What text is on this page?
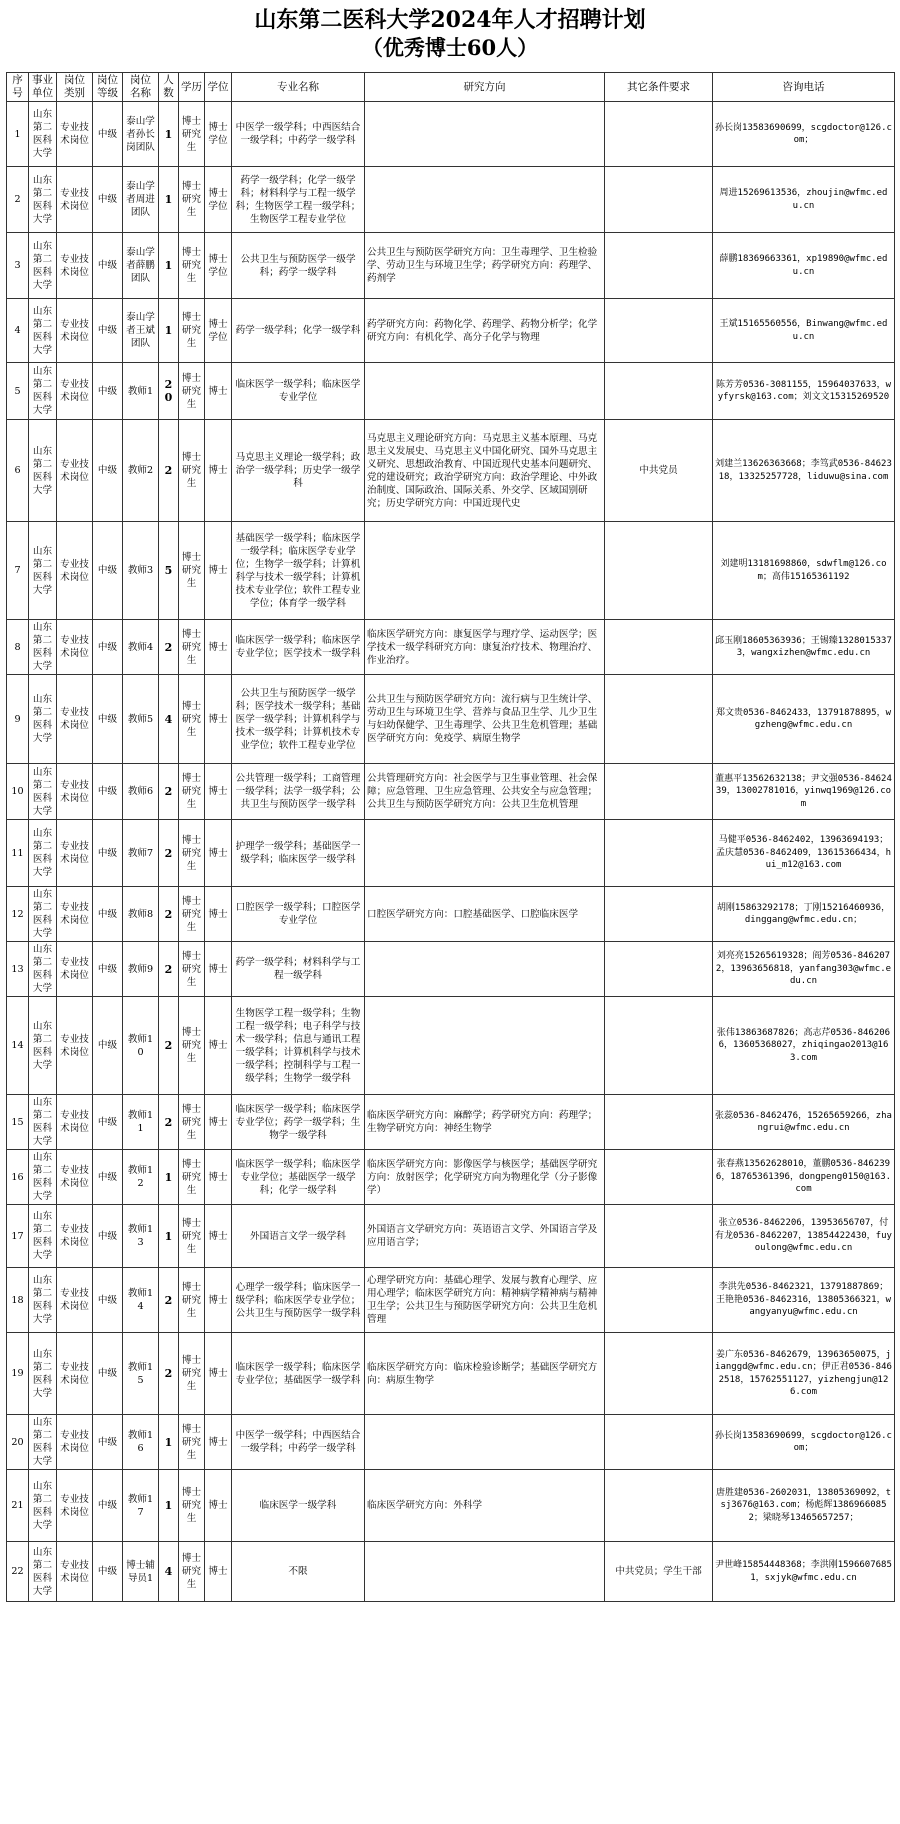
山东第二医科大学2024年人才招聘计划
（优秀博士60人）
序号	事业单位	岗位类别	岗位等级	岗位名称	人数	学历	学位	专业名称	研究方向	其它条件要求	咨询电话
1	山东第二医科大学	专业技术岗位	中级	泰山学者孙长岗团队	1	博士研究生	博士学位	中医学一级学科；中西医结合一级学科；中药学一级学科			孙长岗13583690699，scgdoctor@126.com；
2	山东第二医科大学	专业技术岗位	中级	泰山学者周进团队	1	博士研究生	博士学位	药学一级学科；化学一级学科；材料科学与工程一级学科；生物医学工程一级学科；生物医学工程专业学位			周进15269613536，zhoujin@wfmc.edu.cn
3	山东第二医科大学	专业技术岗位	中级	泰山学者薛鹏团队	1	博士研究生	博士学位	公共卫生与预防医学一级学科；药学一级学科	公共卫生与预防医学研究方向：卫生毒理学、卫生检验学、劳动卫生与环境卫生学；药学研究方向：药理学、药剂学		薛鹏18369663361，xp19890@wfmc.edu.cn
4	山东第二医科大学	专业技术岗位	中级	泰山学者王斌团队	1	博士研究生	博士学位	药学一级学科；化学一级学科	药学研究方向：药物化学、药理学、药物分析学；化学研究方向：有机化学、高分子化学与物理		王斌15165560556，Binwang@wfmc.edu.cn
5	山东第二医科大学	专业技术岗位	中级	教师1	20	博士研究生	博士	临床医学一级学科；临床医学专业学位			陈芳芳0536-3081155，15964037633，wyfyrsk@163.com；刘文文15315269520
6	山东第二医科大学	专业技术岗位	中级	教师2	2	博士研究生	博士	马克思主义理论一级学科；政治学一级学科；历史学一级学科	马克思主义理论研究方向：马克思主义基本原理、马克思主义发展史、马克思主义中国化研究、国外马克思主义研究、思想政治教育、中国近现代史基本问题研究、党的建设研究；政治学研究方向：政治学理论、中外政治制度、国际政治、国际关系、外交学、区域国别研究；历史学研究方向：中国近现代史	中共党员	刘建兰13626363668；李笃武0536-8462318，13325257728，liduwu@sina.com
7	山东第二医科大学	专业技术岗位	中级	教师3	5	博士研究生	博士	基础医学一级学科；临床医学一级学科；临床医学专业学位；生物学一级学科；计算机科学与技术一级学科；计算机技术专业学位；软件工程专业学位；体育学一级学科			刘建明13181698860，sdwflm@126.com；高伟15165361192
8	山东第二医科大学	专业技术岗位	中级	教师4	2	博士研究生	博士	临床医学一级学科；临床医学专业学位；医学技术一级学科	临床医学研究方向：康复医学与理疗学、运动医学；医学技术一级学科研究方向：康复治疗技术、物理治疗、作业治疗。		邱玉刚18605363936；王锡臻13280153373，wangxizhen@wfmc.edu.cn
9	山东第二医科大学	专业技术岗位	中级	教师5	4	博士研究生	博士	公共卫生与预防医学一级学科；医学技术一级学科；基础医学一级学科；计算机科学与技术一级学科；计算机技术专业学位；软件工程专业学位	公共卫生与预防医学研究方向：流行病与卫生统计学、劳动卫生与环境卫生学、营养与食品卫生学、儿少卫生与妇幼保健学、卫生毒理学、公共卫生危机管理；基础医学研究方向：免疫学、病原生物学		郑文贵0536-8462433，13791878895，wgzheng@wfmc.edu.cn
10	山东第二医科大学	专业技术岗位	中级	教师6	2	博士研究生	博士	公共管理一级学科；工商管理一级学科；法学一级学科；公共卫生与预防医学一级学科	公共管理研究方向：社会医学与卫生事业管理、社会保障；应急管理、卫生应急管理、公共安全与应急管理；公共卫生与预防医学研究方向：公共卫生危机管理		董惠平13562632138；尹文强0536-8462439，13002781016，yinwq1969@126.com
11	山东第二医科大学	专业技术岗位	中级	教师7	2	博士研究生	博士	护理学一级学科；基础医学一级学科；临床医学一级学科			马健平0536-8462402，13963694193；孟庆慧0536-8462409，13615366434，hui_m12@163.com
12	山东第二医科大学	专业技术岗位	中级	教师8	2	博士研究生	博士	口腔医学一级学科；口腔医学专业学位	口腔医学研究方向：口腔基础医学、口腔临床医学		胡刚15863292178；丁刚15216460936，dinggang@wfmc.edu.cn；
13	山东第二医科大学	专业技术岗位	中级	教师9	2	博士研究生	博士	药学一级学科；材料科学与工程一级学科			刘亮亮15265619328；阎芳0536-8462072，13963656818，yanfang303@wfmc.edu.cn
14	山东第二医科大学	专业技术岗位	中级	教师10	2	博士研究生	博士	生物医学工程一级学科；生物工程一级学科；电子科学与技术一级学科；信息与通讯工程一级学科；计算机科学与技术一级学科；控制科学与工程一级学科；生物学一级学科			张伟13863687826；高志芹0536-8462066，13605368027，zhiqingao2013@163.com
15	山东第二医科大学	专业技术岗位	中级	教师11	2	博士研究生	博士	临床医学一级学科；临床医学专业学位；药学一级学科；生物学一级学科	临床医学研究方向：麻醉学；药学研究方向：药理学；生物学研究方向：神经生物学		张蕊0536-8462476，15265659266，zhangrui@wfmc.edu.cn
16	山东第二医科大学	专业技术岗位	中级	教师12	1	博士研究生	博士	临床医学一级学科；临床医学专业学位；基础医学一级学科；化学一级学科	临床医学研究方向：影像医学与核医学；基础医学研究方向：放射医学；化学研究方向为物理化学（分子影像学）		张春燕13562628010，董鹏0536-8462396，18765361396，dongpeng0150@163.com
17	山东第二医科大学	专业技术岗位	中级	教师13	1	博士研究生	博士	外国语言文学一级学科	外国语言文学研究方向：英语语言文学、外国语言学及应用语言学；		张立0536-8462206，13953656707，付有龙0536-8462207，13854422430，fuyoulong@wfmc.edu.cn
18	山东第二医科大学	专业技术岗位	中级	教师14	2	博士研究生	博士	心理学一级学科；临床医学一级学科；临床医学专业学位；公共卫生与预防医学一级学科	心理学研究方向：基础心理学、发展与教育心理学、应用心理学；临床医学研究方向：精神病学精神病与精神卫生学；公共卫生与预防医学研究方向：公共卫生危机管理		李洪先0536-8462321，13791887869；王艳艳0536-8462316，13805366321，wangyanyu@wfmc.edu.cn
19	山东第二医科大学	专业技术岗位	中级	教师15	2	博士研究生	博士	临床医学一级学科；临床医学专业学位；基础医学一级学科	临床医学研究方向：临床检验诊断学；基础医学研究方向：病原生物学		姜广东0536-8462679，13963650075，jianggd@wfmc.edu.cn；伊正君0536-8462518，15762551127，yizhengjun@126.com
20	山东第二医科大学	专业技术岗位	中级	教师16	1	博士研究生	博士	中医学一级学科；中西医结合一级学科；中药学一级学科			孙长岗13583690699，scgdoctor@126.com；
21	山东第二医科大学	专业技术岗位	中级	教师17	1	博士研究生	博士	临床医学一级学科	临床医学研究方向：外科学		唐胜建0536-2602031，13805369092，tsj3676@163.com；杨彪辉13869660852；梁晓琴13465657257；
22	山东第二医科大学	专业技术岗位	中级	博士辅导员1	4	博士研究生	博士	不限		中共党员；学生干部	尹世峰15854448368；李洪刚15966076851，sxjyk@wfmc.edu.cn
